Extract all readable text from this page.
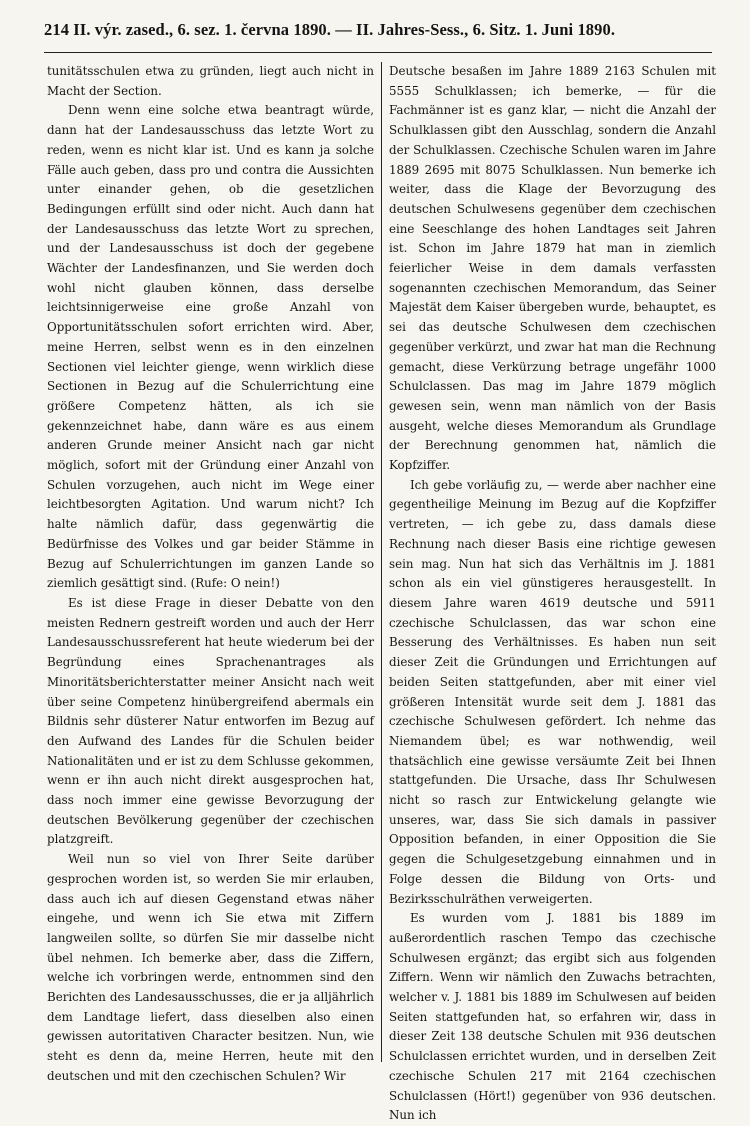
214 II. výr. zased., 6. sez. 1. června 1890. — II. Jahres-Sess., 6. Sitz. 1. Juni 1890.

tunitätsschulen etwa zu gründen, liegt auch nicht in Macht der Section.

Denn wenn eine solche etwa beantragt würde, dann hat der Landesausschuss das letzte Wort zu reden, wenn es nicht klar ist. Und es kann ja solche Fälle auch geben, dass pro und contra die Aussichten unter einander gehen, ob die gesetzlichen Bedingungen erfüllt sind oder nicht. Auch dann hat der Landesausschuss das letzte Wort zu sprechen, und der Landesausschuss ist doch der gegebene Wächter der Landesfinanzen, und Sie werden doch wohl nicht glauben können, dass derselbe leichtsinnigerweise eine große Anzahl von Opportunitätsschulen sofort errichten wird. Aber, meine Herren, selbst wenn es in den einzelnen Sectionen viel leichter gienge, wenn wirklich diese Sectionen in Bezug auf die Schulerrichtung eine größere Competenz hätten, als ich sie gekennzeichnet habe, dann wäre es aus einem anderen Grunde meiner Ansicht nach gar nicht möglich, sofort mit der Gründung einer Anzahl von Schulen vorzugehen, auch nicht im Wege einer leichtbesorgten Agitation. Und warum nicht? Ich halte nämlich dafür, dass gegenwärtig die Bedürfnisse des Volkes und gar beider Stämme in Bezug auf Schulerrichtungen im ganzen Lande so ziemlich gesättigt sind. (Rufe: O nein!)

Es ist diese Frage in dieser Debatte von den meisten Rednern gestreift worden und auch der Herr Landesausschussreferent hat heute wiederum bei der Begründung eines Sprachenantrages als Minoritätsberichterstatter meiner Ansicht nach weit über seine Competenz hinübergreifend abermals ein Bildnis sehr düsterer Natur entworfen im Bezug auf den Aufwand des Landes für die Schulen beider Nationalitäten und er ist zu dem Schlusse gekommen, wenn er ihn auch nicht direkt ausgesprochen hat, dass noch immer eine gewisse Bevorzugung der deutschen Bevölkerung gegenüber der czechischen platzgreift.

Weil nun so viel von Ihrer Seite darüber gesprochen worden ist, so werden Sie mir erlauben, dass auch ich auf diesen Gegenstand etwas näher eingehe, und wenn ich Sie etwa mit Ziffern langweilen sollte, so dürfen Sie mir dasselbe nicht übel nehmen. Ich bemerke aber, dass die Ziffern, welche ich vorbringen werde, entnommen sind den Berichten des Landesausschusses, die er ja alljährlich dem Landtage liefert, dass dieselben also einen gewissen autoritativen Character besitzen. Nun, wie steht es denn da, meine Herren, heute mit den deutschen und mit den czechischen Schulen? Wir

Deutsche besaßen im Jahre 1889 2163 Schulen mit 5555 Schulklassen; ich bemerke, — für die Fachmänner ist es ganz klar, — nicht die Anzahl der Schulklassen gibt den Ausschlag, sondern die Anzahl der Schulklassen. Czechische Schulen waren im Jahre 1889 2695 mit 8075 Schulklassen. Nun bemerke ich weiter, dass die Klage der Bevorzugung des deutschen Schulwesens gegenüber dem czechischen eine Seeschlange des hohen Landtages seit Jahren ist. Schon im Jahre 1879 hat man in ziemlich feierlicher Weise in dem damals verfassten sogenannten czechischen Memorandum, das Seiner Majestät dem Kaiser übergeben wurde, behauptet, es sei das deutsche Schulwesen dem czechischen gegenüber verkürzt, und zwar hat man die Rechnung gemacht, diese Verkürzung betrage ungefähr 1000 Schulclassen. Das mag im Jahre 1879 möglich gewesen sein, wenn man nämlich von der Basis ausgeht, welche dieses Memorandum als Grundlage der Berechnung genommen hat, nämlich die Kopfziffer.

Ich gebe vorläufig zu, — werde aber nachher eine gegentheilige Meinung im Bezug auf die Kopfziffer vertreten, — ich gebe zu, dass damals diese Rechnung nach dieser Basis eine richtige gewesen sein mag. Nun hat sich das Verhältnis im J. 1881 schon als ein viel günstigeres herausgestellt. In diesem Jahre waren 4619 deutsche und 5911 czechische Schulclassen, das war schon eine Besserung des Verhältnisses. Es haben nun seit dieser Zeit die Gründungen und Errichtungen auf beiden Seiten stattgefunden, aber mit einer viel größeren Intensität wurde seit dem J. 1881 das czechische Schulwesen gefördert. Ich nehme das Niemandem übel; es war nothwendig, weil thatsächlich eine gewisse versäumte Zeit bei Ihnen stattgefunden. Die Ursache, dass Ihr Schulwesen nicht so rasch zur Entwickelung gelangte wie unseres, war, dass Sie sich damals in passiver Opposition befanden, in einer Opposition die Sie gegen die Schulgesetzgebung einnahmen und in Folge dessen die Bildung von Orts- und Bezirksschulräthen verweigerten.

Es wurden vom J. 1881 bis 1889 im außerordentlich raschen Tempo das czechische Schulwesen ergänzt; das ergibt sich aus folgenden Ziffern. Wenn wir nämlich den Zuwachs betrachten, welcher v. J. 1881 bis 1889 im Schulwesen auf beiden Seiten stattgefunden hat, so erfahren wir, dass in dieser Zeit 138 deutsche Schulen mit 936 deutschen Schulclassen errichtet wurden, und in derselben Zeit czechische Schulen 217 mit 2164 czechischen Schulclassen (Hört!) gegenüber von 936 deutschen. Nun ich
